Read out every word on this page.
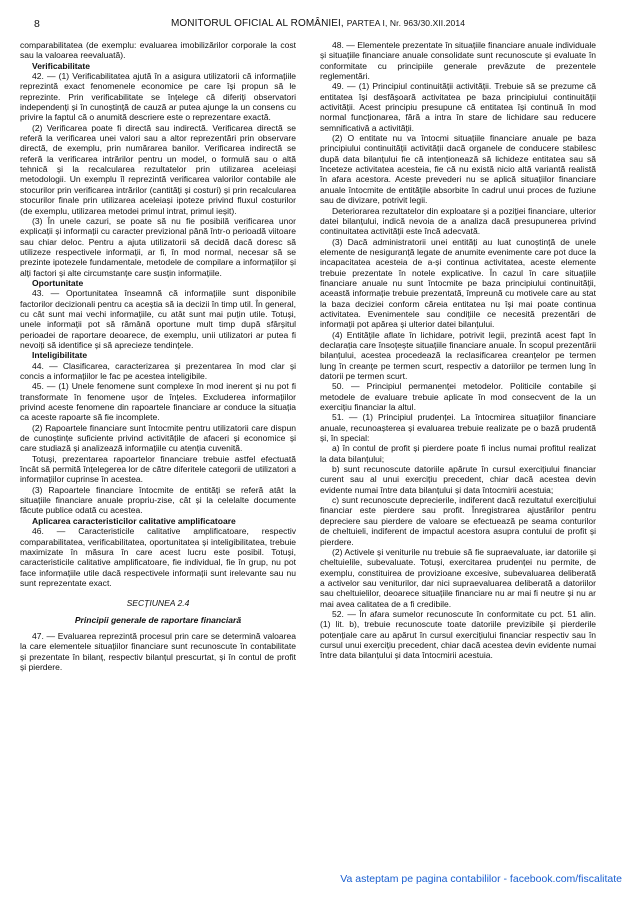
8	MONITORUL OFICIAL AL ROMÂNIEI, PARTEA I, Nr. 963/30.XII.2014

comparabilitatea (de exemplu: evaluarea imobilizărilor corporale la cost sau la valoarea reevaluată).

Verificabilitate

42. — (1) Verificabilitatea ajută în a asigura utilizatorii că informațiile reprezintă exact fenomenele economice pe care își propun să le reprezinte. Prin verificabilitate se înțelege că diferiți observatori independenți și în cunoștință de cauză ar putea ajunge la un consens cu privire la faptul că o anumită descriere este o reprezentare exactă.

(2) Verificarea poate fi directă sau indirectă. Verificarea directă se referă la verificarea unei valori sau a altor reprezentări prin observare directă, de exemplu, prin numărarea banilor. Verificarea indirectă se referă la verificarea intrărilor pentru un model, o formulă sau o altă tehnică și la recalcularea rezultatelor prin utilizarea aceleiași metodologii. Un exemplu îl reprezintă verificarea valorilor contabile ale stocurilor prin verificarea intrărilor (cantități și costuri) și prin recalcularea stocurilor finale prin utilizarea aceleiași ipoteze privind fluxul costurilor (de exemplu, utilizarea metodei primul intrat, primul ieșit).

(3) În unele cazuri, se poate să nu fie posibilă verificarea unor explicații și informații cu caracter previzional până într-o perioadă viitoare sau chiar deloc. Pentru a ajuta utilizatorii să decidă dacă doresc să utilizeze respectivele informații, ar fi, în mod normal, necesar să se prezinte ipotezele fundamentale, metodele de compilare a informațiilor și alți factori și alte circumstanțe care susțin informațiile.

Oportunitate

43. — Oportunitatea înseamnă că informațiile sunt disponibile factorilor decizionali pentru ca aceștia să ia decizii în timp util. În general, cu cât sunt mai vechi informațiile, cu atât sunt mai puțin utile. Totuși, unele informații pot să rămână oportune mult timp după sfârșitul perioadei de raportare deoarece, de exemplu, unii utilizatori ar putea fi nevoiți să identifice și să aprecieze tendințele.

Inteligibilitate

44. — Clasificarea, caracterizarea și prezentarea în mod clar și concis a informațiilor le fac pe acestea inteligibile.

45. — (1) Unele fenomene sunt complexe în mod inerent și nu pot fi transformate în fenomene ușor de înțeles. Excluderea informațiilor privind aceste fenomene din rapoartele financiare ar conduce la situația ca aceste rapoarte să fie incomplete.

(2) Rapoartele financiare sunt întocmite pentru utilizatorii care dispun de cunoștințe suficiente privind activitățile de afaceri și economice și care studiază și analizează informațiile cu atenția cuvenită.

Totuși, prezentarea rapoartelor financiare trebuie astfel efectuată încât să permită înțelegerea lor de către diferitele categorii de utilizatori a informațiilor cuprinse în acestea.

(3) Rapoartele financiare întocmite de entități se referă atât la situațiile financiare anuale propriu-zise, cât și la celelalte documente făcute publice odată cu acestea.

Aplicarea caracteristicilor calitative amplificatoare

46. — Caracteristicile calitative amplificatoare, respectiv comparabilitatea, verificabilitatea, oportunitatea și inteligibilitatea, trebuie maximizate în măsura în care acest lucru este posibil. Totuși, caracteristicile calitative amplificatoare, fie individual, fie în grup, nu pot face informațiile utile dacă respectivele informații sunt irelevante sau nu sunt reprezentate exact.

SECȚIUNEA 2.4

Principii generale de raportare financiară

47. — Evaluarea reprezintă procesul prin care se determină valoarea la care elementele situațiilor financiare sunt recunoscute în contabilitate și prezentate în bilanț, respectiv bilanțul prescurtat, și în contul de profit și pierdere.

48. — Elementele prezentate în situațiile financiare anuale individuale și situațiile financiare anuale consolidate sunt recunoscute și evaluate în conformitate cu principiile generale prevăzute de prezentele reglementări.

49. — (1) Principiul continuității activității. Trebuie să se prezume că entitatea își desfășoară activitatea pe baza principiului continuității activității. Acest principiu presupune că entitatea își continuă în mod normal funcționarea, fără a intra în stare de lichidare sau reducere semnificativă a activității.

(2) O entitate nu va întocmi situațiile financiare anuale pe baza principiului continuității activității dacă organele de conducere stabilesc după data bilanțului fie că intenționează să lichideze entitatea sau să înceteze activitatea acesteia, fie că nu există nicio altă variantă realistă în afara acestora. Aceste prevederi nu se aplică situațiilor financiare anuale întocmite de entitățile absorbite în cadrul unui proces de fuziune sau de divizare, potrivit legii.

Deteriorarea rezultatelor din exploatare și a poziției financiare, ulterior datei bilanțului, indică nevoia de a analiza dacă presupunerea privind continuitatea activității este încă adecvată.

(3) Dacă administratorii unei entități au luat cunoștință de unele elemente de nesiguranță legate de anumite evenimente care pot duce la incapacitatea acesteia de a-și continua activitatea, aceste elemente trebuie prezentate în notele explicative. În cazul în care situațiile financiare anuale nu sunt întocmite pe baza principiului continuității, această informație trebuie prezentată, împreună cu motivele care au stat la baza deciziei conform căreia entitatea nu își mai poate continua activitatea. Evenimentele sau condițiile ce necesită prezentări de informații pot apărea și ulterior datei bilanțului.

(4) Entitățile aflate în lichidare, potrivit legii, prezintă acest fapt în declarația care însoțește situațiile financiare anuale. În scopul prezentării bilanțului, acestea procedează la reclasificarea creanțelor pe termen lung în creanțe pe termen scurt, respectiv a datoriilor pe termen lung în datorii pe termen scurt.

50. — Principiul permanenței metodelor. Politicile contabile și metodele de evaluare trebuie aplicate în mod consecvent de la un exercițiu financiar la altul.

51. — (1) Principiul prudenței. La întocmirea situațiilor financiare anuale, recunoașterea și evaluarea trebuie realizate pe o bază prudentă și, în special:

a) în contul de profit și pierdere poate fi inclus numai profitul realizat la data bilanțului;

b) sunt recunoscute datoriile apărute în cursul exercițiului financiar curent sau al unui exercițiu precedent, chiar dacă acestea devin evidente numai între data bilanțului și data întocmirii acestuia;

c) sunt recunoscute deprecierile, indiferent dacă rezultatul exercițiului financiar este pierdere sau profit. Înregistrarea ajustărilor pentru depreciere sau pierdere de valoare se efectuează pe seama conturilor de cheltuieli, indiferent de impactul acestora asupra contului de profit și pierdere.

(2) Activele și veniturile nu trebuie să fie supraevaluate, iar datoriile și cheltuielile, subevaluate. Totuși, exercitarea prudenței nu permite, de exemplu, constituirea de provizioane excesive, subevaluarea deliberată a activelor sau veniturilor, dar nici supraevaluarea deliberată a datoriilor sau cheltuielilor, deoarece situațiile financiare nu ar mai fi neutre și nu ar mai avea calitatea de a fi credibile.

52. — În afara sumelor recunoscute în conformitate cu pct. 51 alin. (1) lit. b), trebuie recunoscute toate datoriile previzibile și pierderile potențiale care au apărut în cursul exercițiului financiar respectiv sau în cursul unui exercițiu precedent, chiar dacă acestea devin evidente numai între data bilanțului și data întocmirii acestuia.

Va asteptam pe pagina contabililor - facebook.com/fiscalitate
